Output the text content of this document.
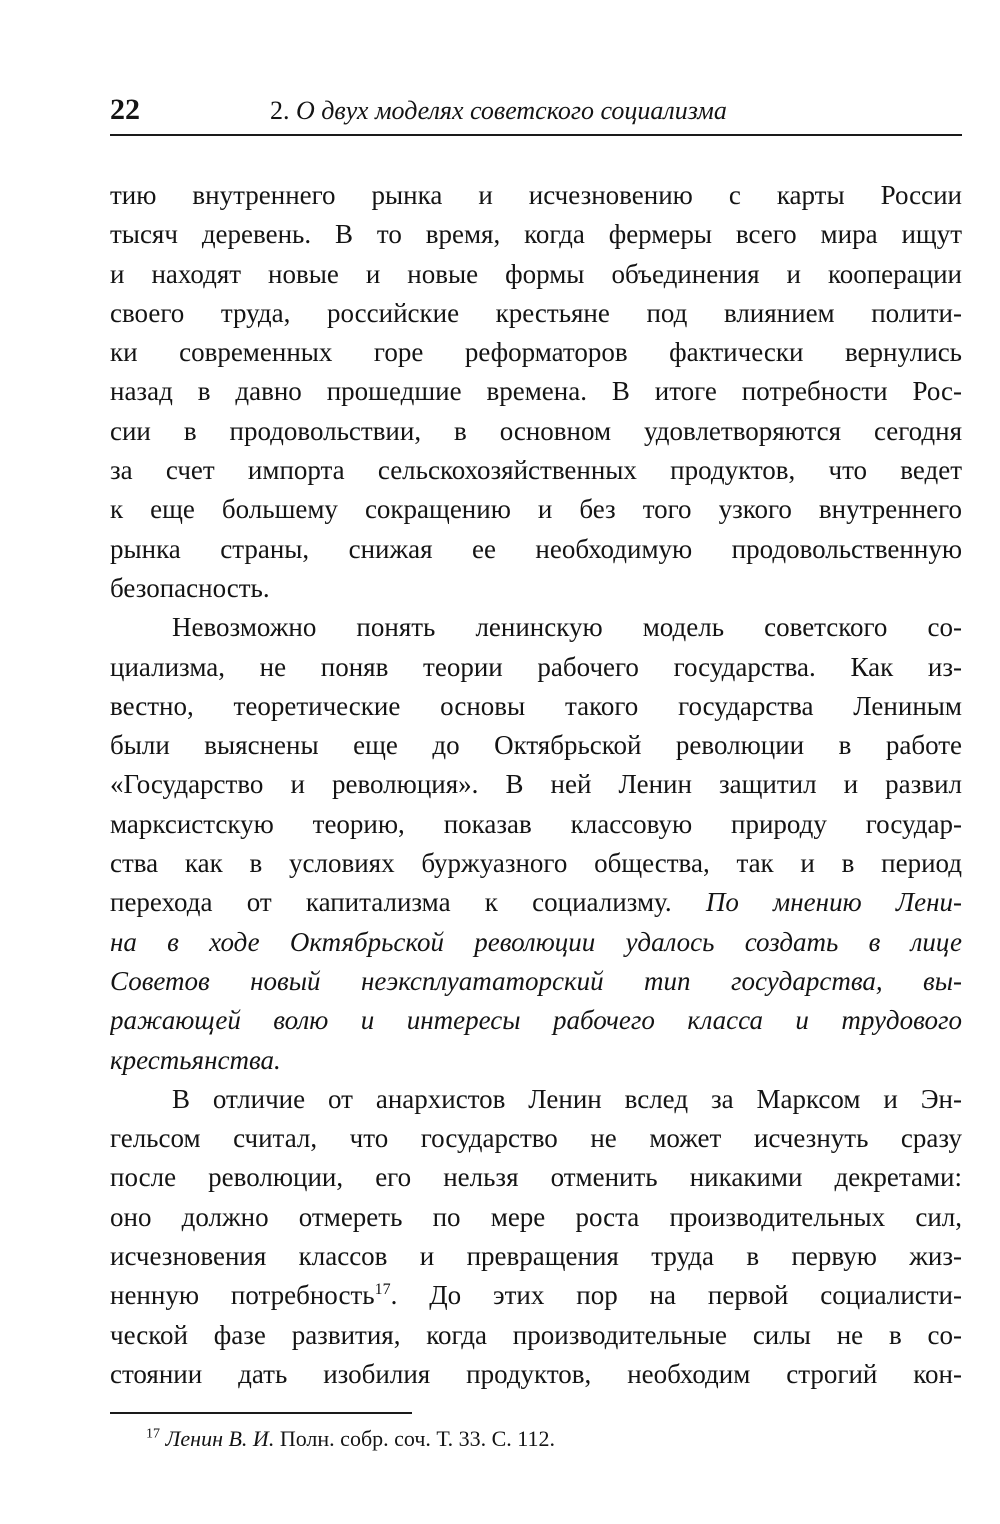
22	2. О двух моделях советского социализма
тию внутреннего рынка и исчезновению с карты России
тысяч деревень. В то время, когда фермеры всего мира ищут
и находят новые и новые формы объединения и кооперации
своего труда, российские крестьяне под влиянием полити-
ки современных горе реформаторов фактически вернулись
назад в давно прошедшие времена. В итоге потребности Рос-
сии в продовольствии, в основном удовлетворяются сегодня
за счет импорта сельскохозяйственных продуктов, что ведет
к еще большему сокращению и без того узкого внутреннего
рынка страны, снижая ее необходимую продовольственную
безопасность.
Невозможно понять ленинскую модель советского со-
циализма, не поняв теории рабочего государства. Как из-
вестно, теоретические основы такого государства Лениным
были выяснены еще до Октябрьской революции в работе
«Государство и революция». В ней Ленин защитил и развил
марксистскую теорию, показав классовую природу государ-
ства как в условиях буржуазного общества, так и в период
перехода от капитализма к социализму. По мнению Лени-
на в ходе Октябрьской революции удалось создать в лице
Советов новый неэксплуататорский тип государства, вы-
ражающей волю и интересы рабочего класса и трудового
крестьянства.
В отличие от анархистов Ленин вслед за Марксом и Эн-
гельсом считал, что государство не может исчезнуть сразу
после революции, его нельзя отменить никакими декретами:
оно должно отмереть по мере роста производительных сил,
исчезновения классов и превращения труда в первую жиз-
ненную потребность$^{17}$. До этих пор на первой социалисти-
ческой фазе развития, когда производительные силы не в со-
стоянии дать изобилия продуктов, необходим строгий кон-
$^{17}$ Ленин В. И. Полн. собр. соч. Т. 33. С. 112.
